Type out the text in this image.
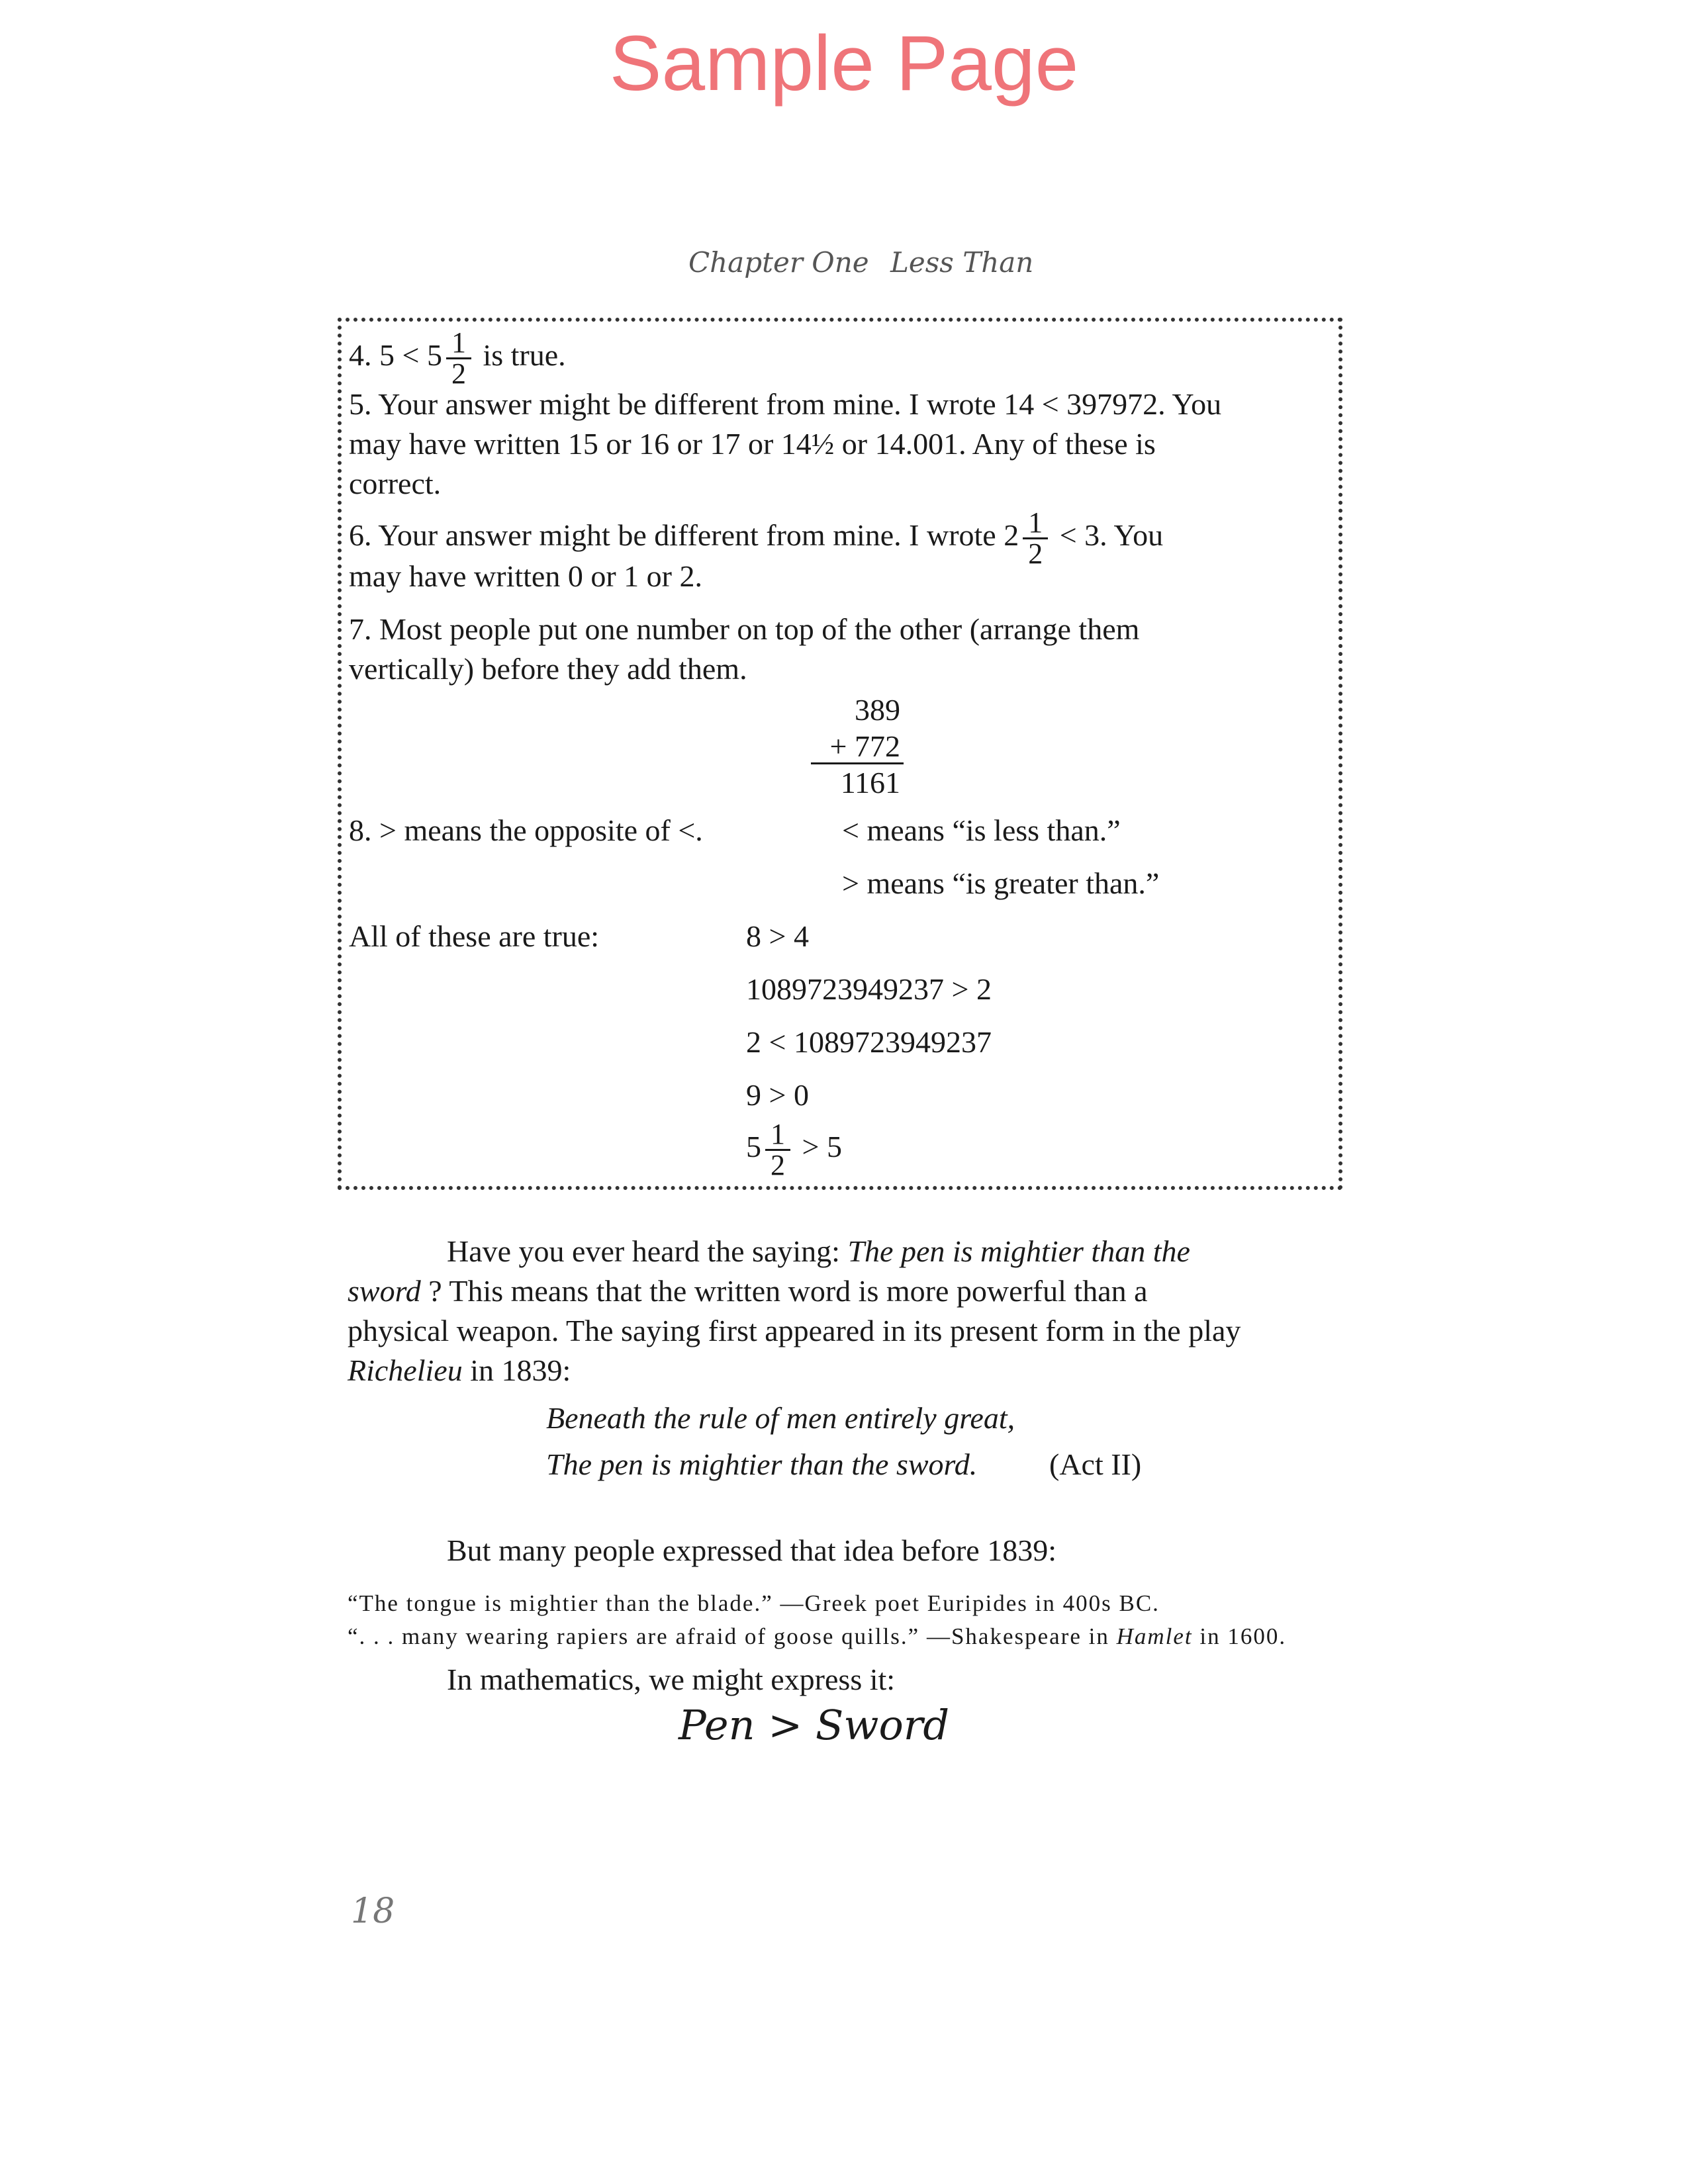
Sample Page
Chapter One Less Than
4. $5 < 5 \frac{1}{2}$ is true.
5. Your answer might be different from mine. I wrote 14 < 397972. You
may have written 15 or 16 or 17 or 14½ or 14.001. Any of these is
correct.
6. Your answer might be different from mine. I wrote $2 \frac{1}{2} < 3$. You
may have written 0 or 1 or 2.
7. Most people put one number on top of the other (arrange them
vertically) before they add them.
389
+ 772
1161
8. > means the opposite of <.	< means “is less than.”
> means “is greater than.”
All of these are true:	8 > 4
1089723949237 > 2
2 < 1089723949237
9 > 0
$5 \frac{1}{2} > 5$
Have you ever heard the saying: The pen is mightier than the
sword ? This means that the written word is more powerful than a
physical weapon. The saying first appeared in its present form in the play
Richelieu in 1839:
Beneath the rule of men entirely great,
The pen is mightier than the sword. (Act II)
But many people expressed that idea before 1839:
“The tongue is mightier than the blade.” —Greek poet Euripides in 400s BC.
“. . . many wearing rapiers are afraid of goose quills.” —Shakespeare in Hamlet in 1600.
In mathematics, we might express it:
Pen > Sword
18
